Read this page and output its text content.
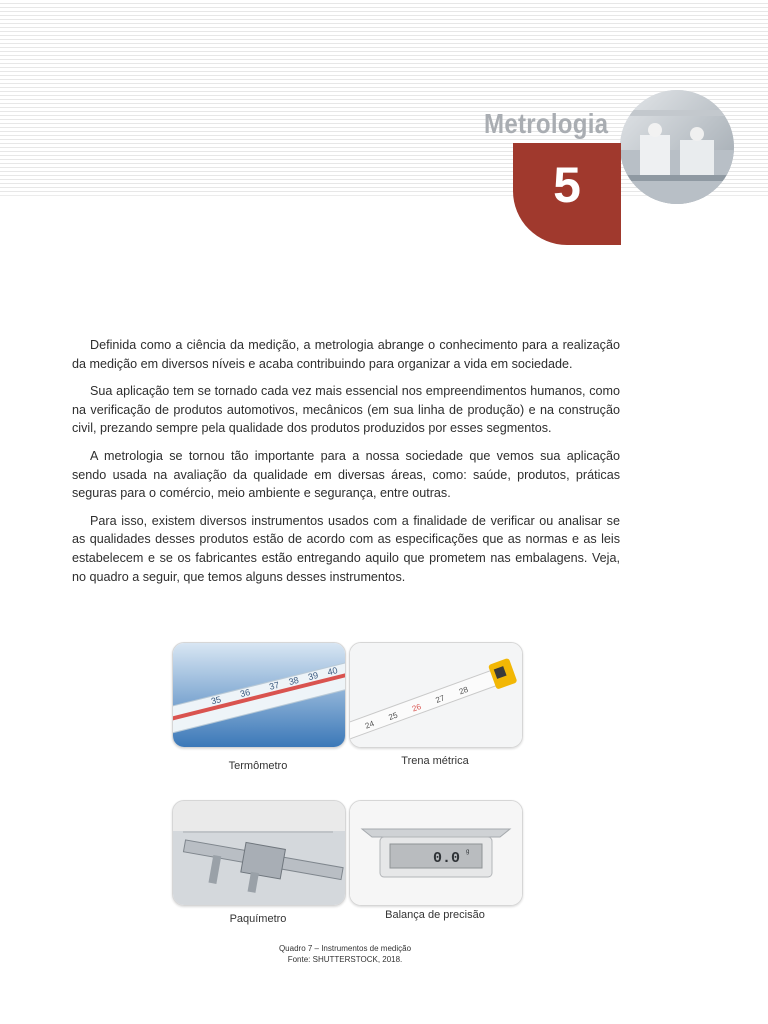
Metrologia
5

Definida como a ciência da medição, a metrologia abrange o conhecimento para a realização da medição em diversos níveis e acaba contribuindo para organizar a vida em sociedade.

Sua aplicação tem se tornado cada vez mais essencial nos empreendimentos humanos, como na verificação de produtos automotivos, mecânicos (em sua linha de produção) e na construção civil, prezando sempre pela qualidade dos produtos produzidos por esses segmentos.

A metrologia se tornou tão importante para a nossa sociedade que vemos sua aplicação sendo usada na avaliação da qualidade em diversas áreas, como: saúde, produtos, práticas seguras para o comércio, meio ambiente e segurança, entre outras.

Para isso, existem diversos instrumentos usados com a finalidade de verificar ou analisar se as qualidades desses produtos estão de acordo com as especificações que as normas e as leis estabelecem e se os fabricantes estão entregando aquilo que prometem nas embalagens. Veja, no quadro a seguir, que temos alguns desses instrumentos.

35
36
37 38 39 40
Termômetro
24
25
26
27
28
Trena métrica
Paquímetro
0.0 g
Balança de precisão
Quadro 7 – Instrumentos de medição
Fonte: SHUTTERSTOCK, 2018.
